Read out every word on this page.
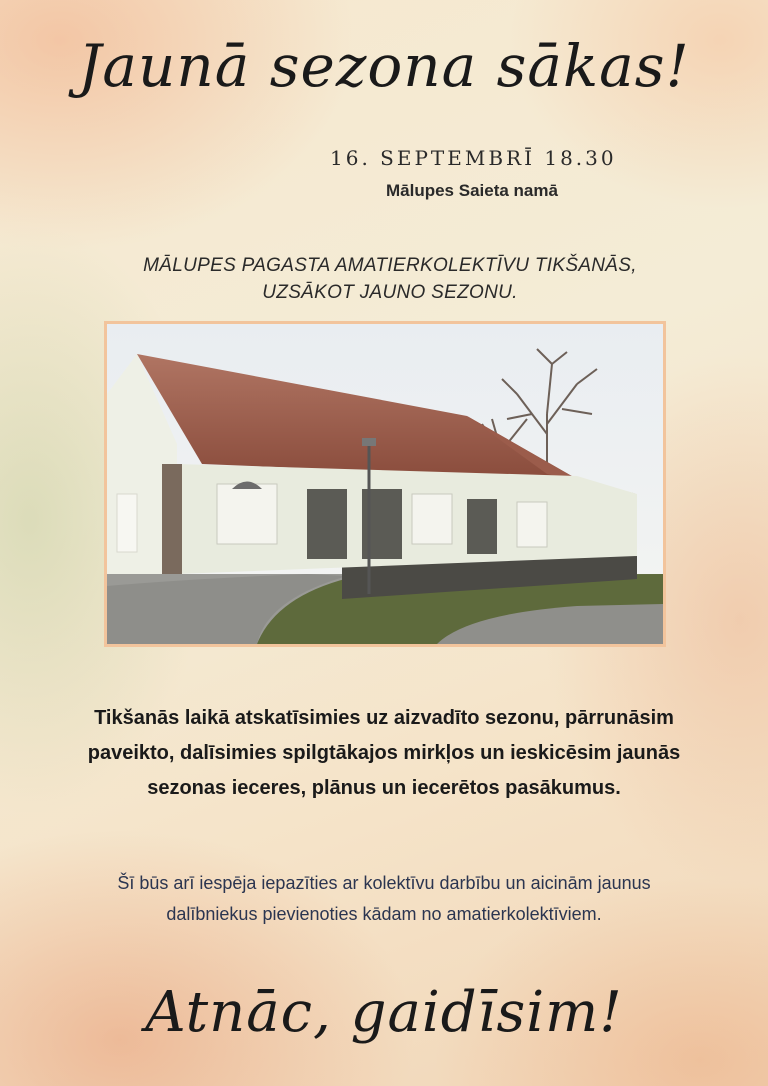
Jaunā sezona sākas!
16. SEPTEMBRĪ 18.30
Mālupes Saieta namā
MĀLUPES PAGASTA AMATIERKOLEKTĪVU TIKŠANĀS,
UZSĀKOT JAUNO SEZONU.
Tikšanās laikā atskatīsimies uz aizvadīto sezonu, pārrunāsim paveikto, dalīsimies spilgtākajos mirkļos un ieskicēsim jaunās sezonas ieceres, plānus un iecerētos pasākumus.
Šī būs arī iespēja iepazīties ar kolektīvu darbību un aicinām jaunus dalībniekus pievienoties kādam no amatierkolektīviem.
Atnāc, gaidīsim!
